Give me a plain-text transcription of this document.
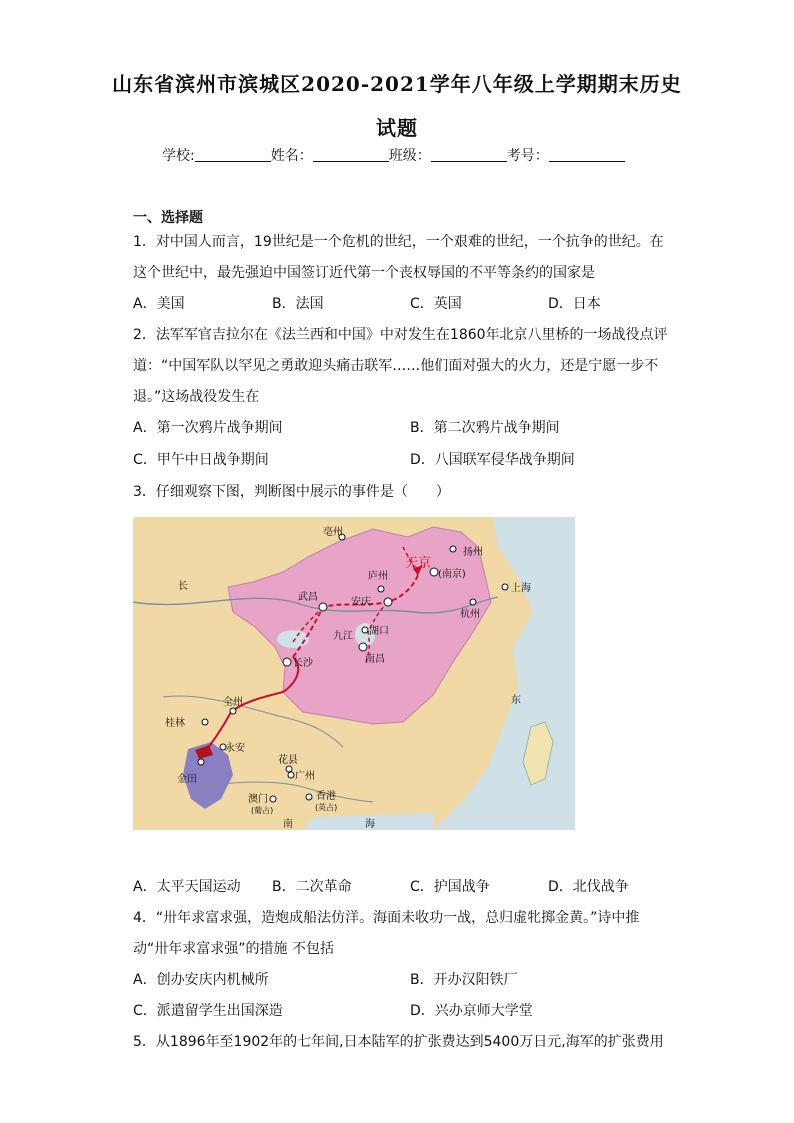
山东省滨州市滨城区2020-2021学年八年级上学期期末历史
试题
学校:	姓名：	班级：	考号：
一、选择题
1．对中国人而言，19世纪是一个危机的世纪，一个艰难的世纪，一个抗争的世纪。在
这个世纪中，最先强迫中国签订近代第一个丧权辱国的不平等条约的国家是
A．美国	B．法国	C．英国	D．日本
2．法军军官吉拉尔在《法兰西和中国》中对发生在1860年北京八里桥的一场战役点评
道：“中国军队以罕见之勇敢迎头痛击联军……他们面对强大的火力，还是宁愿一步不
退。”这场战役发生在
A．第一次鸦片战争期间	B．第二次鸦片战争期间
C．甲午中日战争期间	D．八国联军侵华战争期间
3．仔细观察下图，判断图中展示的事件是（　　）
亳州
扬州
天京
(南京)
庐州
上海
武昌	安庆
杭州
九江 湖口
长沙	南昌
全州
桂林
永安
金田
花县
广州
澳门
(葡占)
香港
(英占)
长
东
南	海
A．太平天国运动 B．二次革命	C．护国战争	D．北伐战争
4．“卅年求富求强，造炮成船法仿洋。海面未收功一战，总归虚牝掷金黄。”诗中推
动“卅年求富求强”的措施 不包括
A．创办安庆内机械所	B．开办汉阳铁厂
C．派遣留学生出国深造	D．兴办京师大学堂
5．从1896年至1902年的七年间,日本陆军的扩张费达到5400万日元,海军的扩张费用
